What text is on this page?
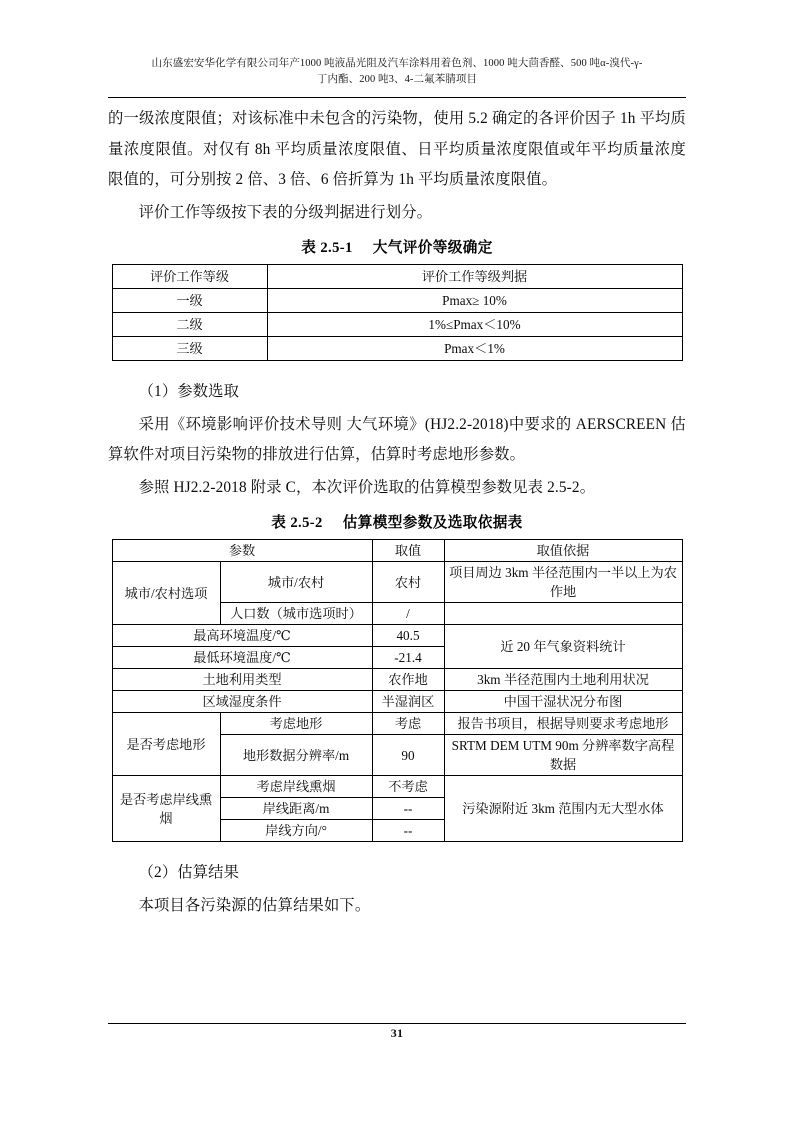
山东盛宏安华化学有限公司年产1000 吨液晶光阻及汽车涂料用着色剂、1000 吨大茴香醛、500 吨α-溴代-γ-
丁内酯、200 吨3、4-二氟苯腈项目

的一级浓度限值；对该标准中未包含的污染物，使用 5.2 确定的各评价因子 1h 平均质量浓度限值。对仅有 8h 平均质量浓度限值、日平均质量浓度限值或年平均质量浓度限值的，可分别按 2 倍、3 倍、6 倍折算为 1h 平均质量浓度限值。

评价工作等级按下表的分级判据进行划分。

表 2.5-1 大气评价等级确定
评价工作等级	评价工作等级判据
一级	Pmax≥ 10%
二级	1%≤Pmax＜10%
三级	Pmax＜1%

（1）参数选取

采用《环境影响评价技术导则 大气环境》(HJ2.2-2018)中要求的 AERSCREEN 估算软件对项目污染物的排放进行估算，估算时考虑地形参数。

参照 HJ2.2-2018 附录 C，本次评价选取的估算模型参数见表 2.5-2。

表 2.5-2 估算模型参数及选取依据表
参数		取值	取值依据
城市/农村选项	城市/农村	农村	项目周边 3km 半径范围内一半以上为农作地
	人口数（城市选项时）	/	
最高环境温度/℃		40.5	近 20 年气象资料统计
最低环境温度/℃		-21.4	
土地利用类型		农作地	3km 半径范围内土地利用状况
区域湿度条件		半湿润区	中国干湿状况分布图
是否考虑地形	考虑地形	考虑	报告书项目，根据导则要求考虑地形
	地形数据分辨率/m	90	SRTM DEM UTM 90m 分辨率数字高程数据
是否考虑岸线熏烟	考虑岸线熏烟	不考虑	污染源附近 3km 范围内无大型水体
	岸线距离/m	--	
	岸线方向/°	--	

（2）估算结果

本项目各污染源的估算结果如下。

31
